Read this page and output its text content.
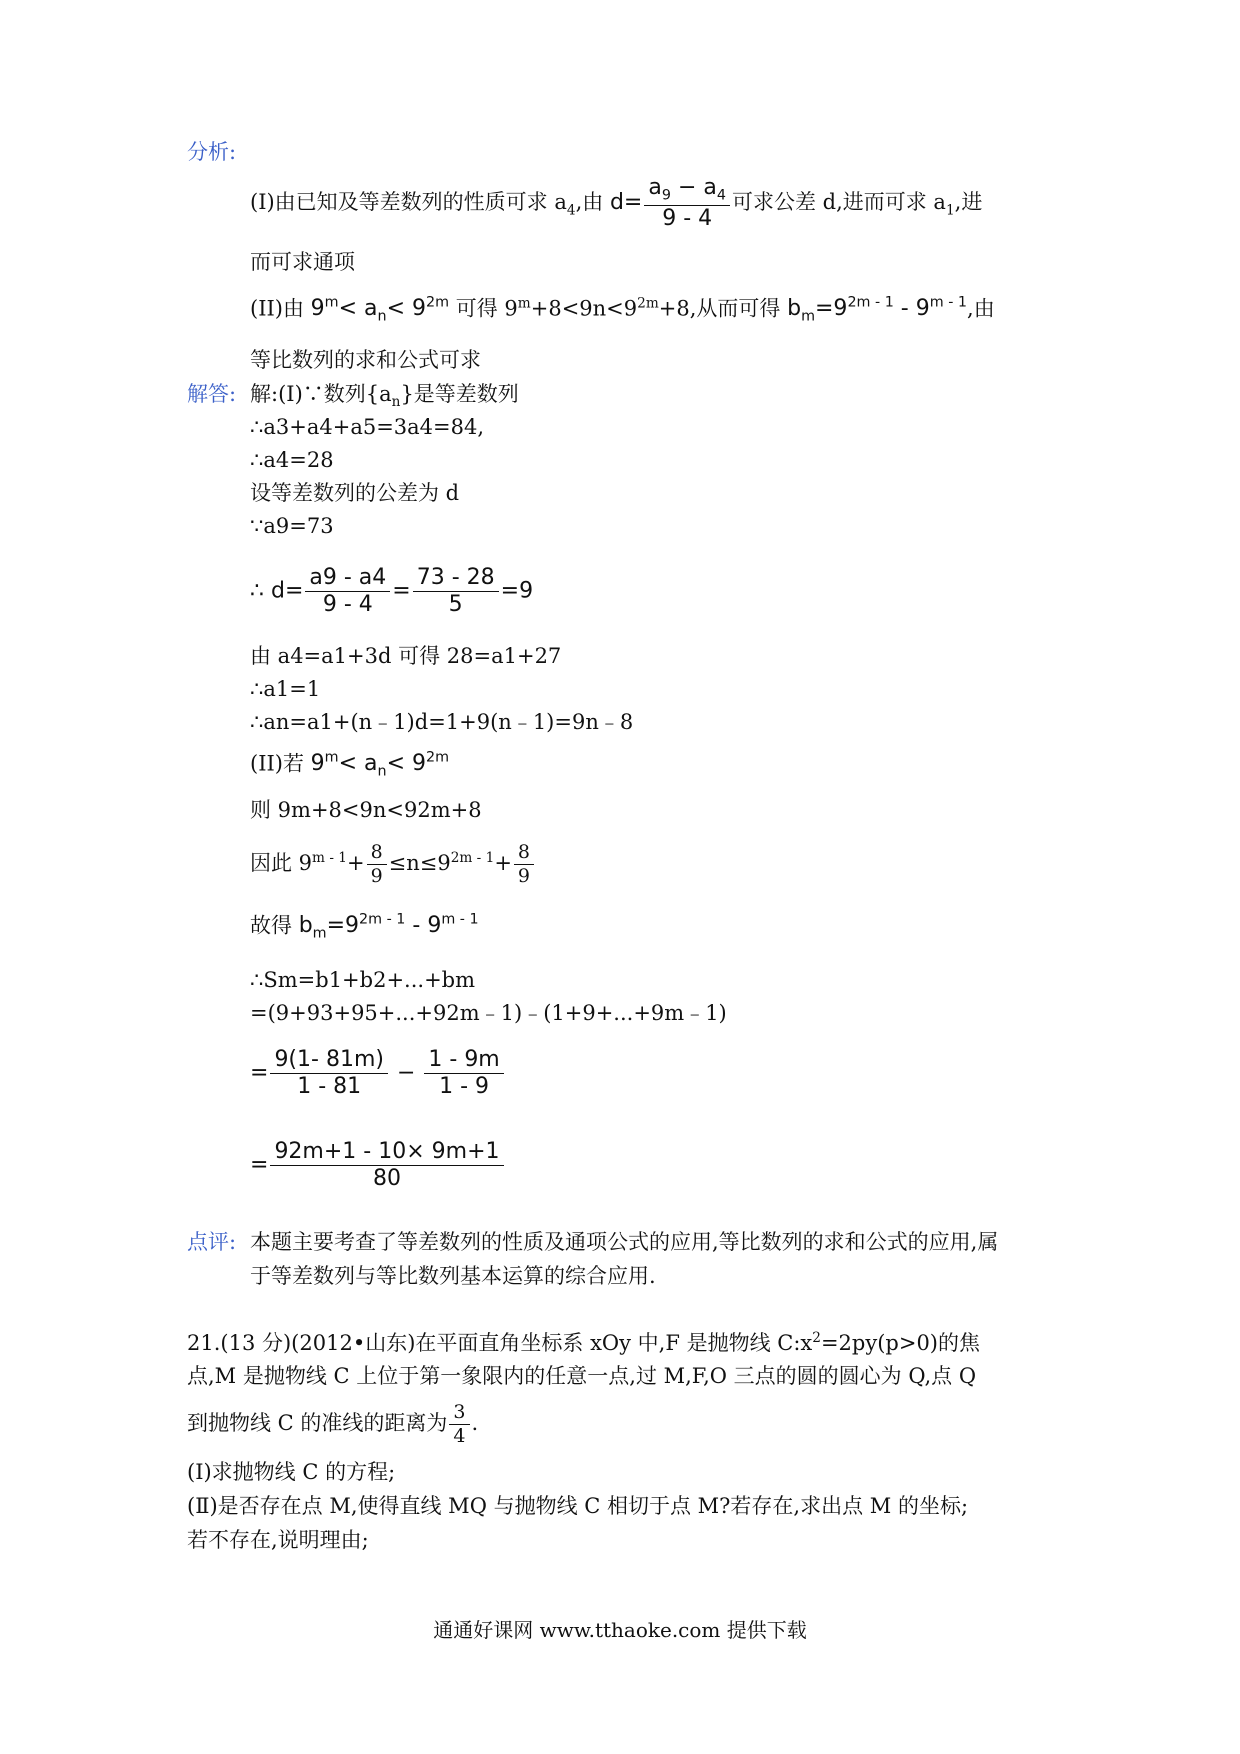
分析:
(I)由已知及等差数列的性质可求 $a_4$,由 $d= \frac{a_9 - a_4}{9 - 4}$ 可求公差 d,进而可求 $a_1$,进
而可求通项
(II)由 $9^m< a_n< 9^{2m}$ 可得 $9^m+8<9n<9^{2m}+8$,从而可得 $b_m=9^{2m - 1} - 9^{m - 1}$,由
等比数列的求和公式可求
解答: 解:(I)∵数列$\{a_n\}$是等差数列
∴a3+a4+a5=3a4=84,
∴a4=28
设等差数列的公差为 d
∵a9=73
∴ $d= \frac{a9 - a4}{9 - 4} = \frac{73 - 28}{5} =9$
由 a4=a1+3d 可得 28=a1+27
∴a1=1
∴an=a1+(n﹣1)d=1+9(n﹣1)=9n﹣8
(II)若 $9^m< a_n< 9^{2m}$
则 9m+8<9n<92m+8
因此 $9^{m - 1}+ \frac{8}{9} \le n\le 9^{2m - 1}+ \frac{8}{9}$
故得 $b_m=9^{2m - 1} - 9^{m - 1}$
∴Sm=b1+b2+...+bm
=(9+93+95+...+92m﹣1)﹣(1+9+...+9m﹣1)
= $\frac{9(1- 81m)}{1 - 81} - \frac{1 - 9m}{1 - 9}$
= $\frac{92m+1 - 10\times 9m+1}{80}$
点评: 本题主要考查了等差数列的性质及通项公式的应用,等比数列的求和公式的应用,属
于等差数列与等比数列基本运算的综合应用.
21.(13 分)(2012•山东)在平面直角坐标系 xOy 中,F 是抛物线 $C:x^2=2py(p>0)$的焦
点,M 是抛物线 C 上位于第一象限内的任意一点,过 M,F,O 三点的圆的圆心为 Q,点 Q
到抛物线 C 的准线的距离为 $\frac{3}{4}$ .
(Ⅰ)求抛物线 C 的方程;
(Ⅱ)是否存在点 M,使得直线 MQ 与抛物线 C 相切于点 M?若存在,求出点 M 的坐标;
若不存在,说明理由;
通通好课网 www.tthaoke.com 提供下载
